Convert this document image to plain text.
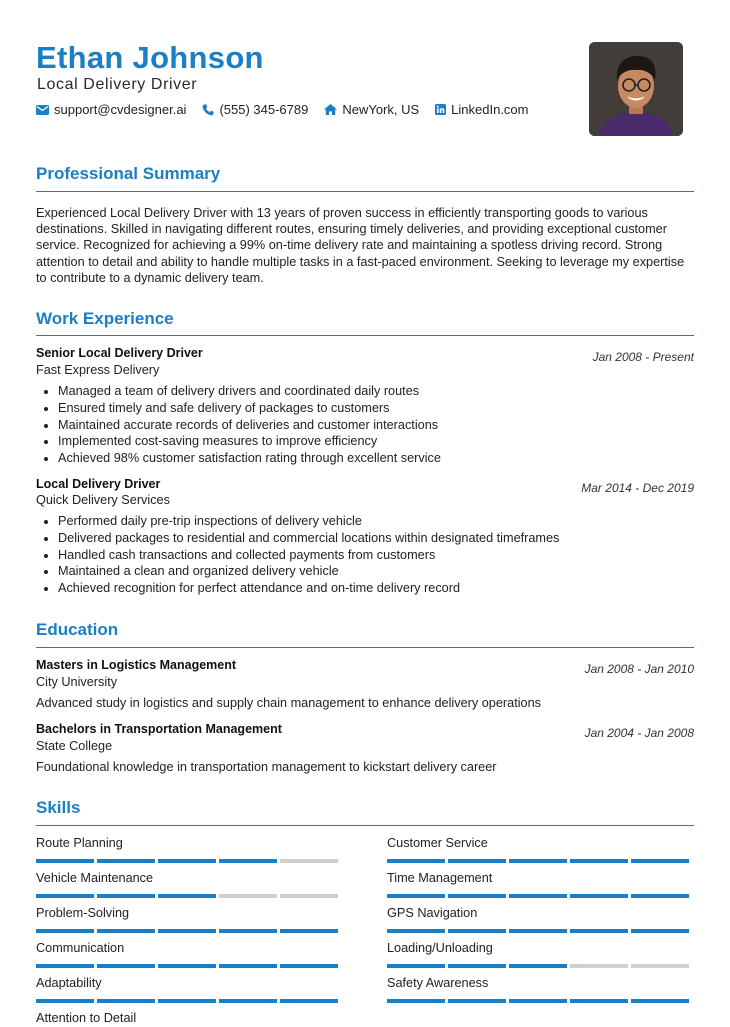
Ethan Johnson
Local Delivery Driver
support@cvdesigner.ai	(555) 345-6789	NewYork, US LinkedIn.com
Professional Summary

Experienced Local Delivery Driver with 13 years of proven success in efficiently transporting goods to various destinations. Skilled in navigating different routes, ensuring timely deliveries, and providing exceptional customer service. Recognized for achieving a 99% on-time delivery rate and maintaining a spotless driving record. Strong attention to detail and ability to handle multiple tasks in a fast-paced environment. Seeking to leverage my expertise to contribute to a dynamic delivery team.

Work Experience
Senior Local Delivery Driver	Jan 2008 - Present
Fast Express Delivery
• Managed a team of delivery drivers and coordinated daily routes
• Ensured timely and safe delivery of packages to customers
• Maintained accurate records of deliveries and customer interactions
• Implemented cost-saving measures to improve efficiency
• Achieved 98% customer satisfaction rating through excellent service
Local Delivery Driver	Mar 2014 - Dec 2019
Quick Delivery Services
• Performed daily pre-trip inspections of delivery vehicle
• Delivered packages to residential and commercial locations within designated timeframes
• Handled cash transactions and collected payments from customers
• Maintained a clean and organized delivery vehicle
• Achieved recognition for perfect attendance and on-time delivery record
Education
Masters in Logistics Management	Jan 2008 - Jan 2010
City University
Advanced study in logistics and supply chain management to enhance delivery operations
Bachelors in Transportation Management	Jan 2004 - Jan 2008
State College
Foundational knowledge in transportation management to kickstart delivery career
Skills
Route Planning	Customer Service
Vehicle Maintenance	Time Management
Problem-Solving	GPS Navigation
Communication	Loading/Unloading
Adaptability	Safety Awareness
Attention to Detail
